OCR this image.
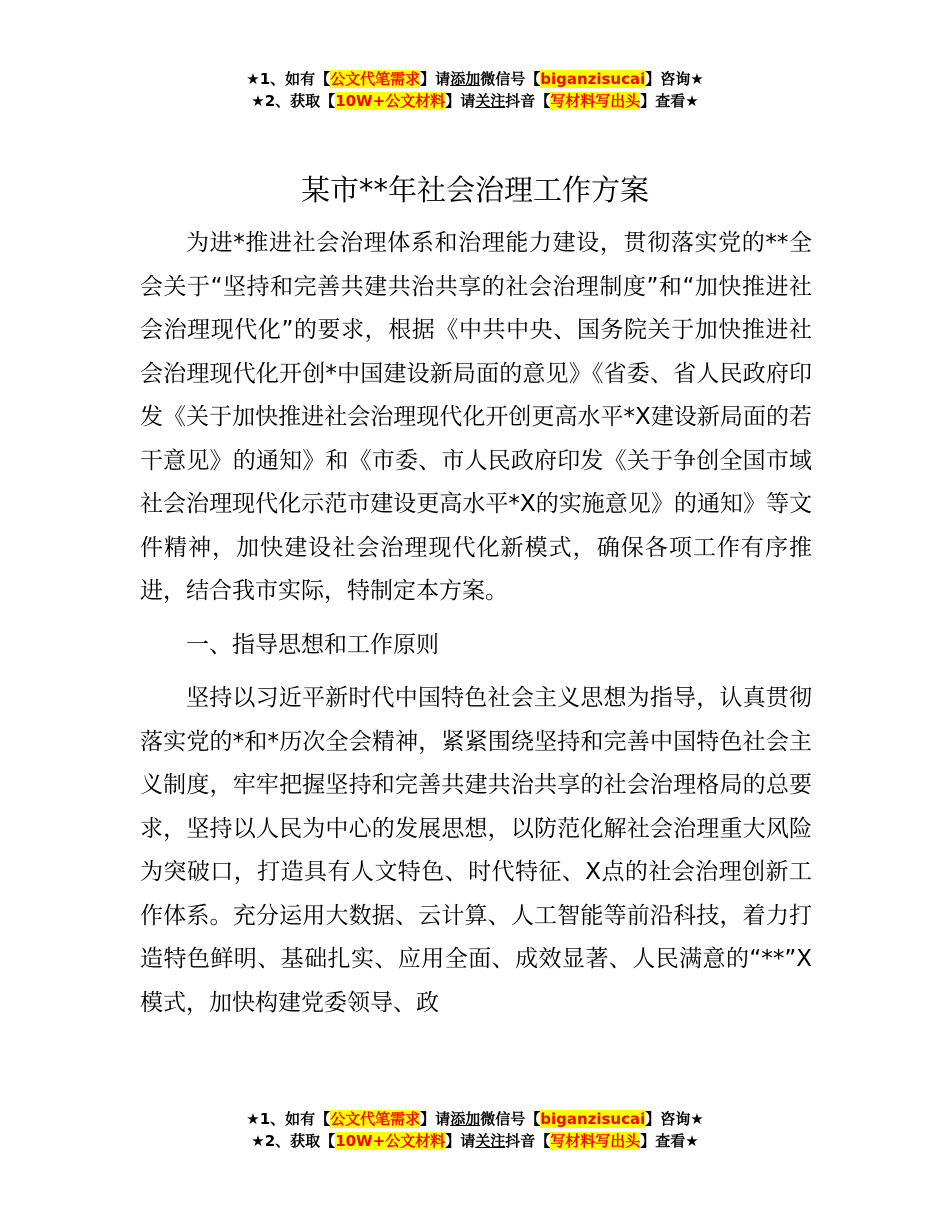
★1、如有【公文代笔需求】请添加微信号【biganzisucai】咨询★
★2、获取【10W+公文材料】请关注抖音【写材料写出头】查看★
某市**年社会治理工作方案

为进*推进社会治理体系和治理能力建设，贯彻落实党的**全会关于“坚持和完善共建共治共享的社会治理制度”和“加快推进社会治理现代化”的要求，根据《中共中央、国务院关于加快推进社会治理现代化开创*中国建设新局面的意见》《省委、省人民政府印发《关于加快推进社会治理现代化开创更高水平*X建设新局面的若干意见》的通知》和《市委、市人民政府印发《关于争创全国市域社会治理现代化示范市建设更高水平*X的实施意见》的通知》等文件精神，加快建设社会治理现代化新模式，确保各项工作有序推进，结合我市实际，特制定本方案。

一、指导思想和工作原则

坚持以习近平新时代中国特色社会主义思想为指导，认真贯彻落实党的*和*历次全会精神，紧紧围绕坚持和完善中国特色社会主义制度，牢牢把握坚持和完善共建共治共享的社会治理格局的总要求，坚持以人民为中心的发展思想，以防范化解社会治理重大风险为突破口，打造具有人文特色、时代特征、X点的社会治理创新工作体系。充分运用大数据、云计算、人工智能等前沿科技，着力打造特色鲜明、基础扎实、应用全面、成效显著、人民满意的“**”X模式，加快构建党委领导、政

★1、如有【公文代笔需求】请添加微信号【biganzisucai】咨询★
★2、获取【10W+公文材料】请关注抖音【写材料写出头】查看★
